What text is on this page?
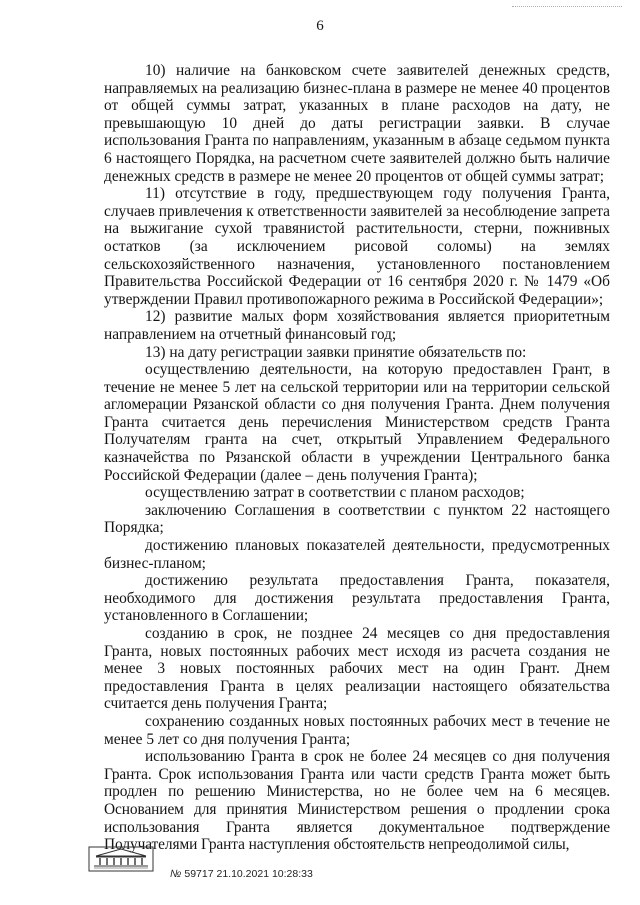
6

10) наличие на банковском счете заявителей денежных средств, направляемых на реализацию бизнес-плана в размере не менее 40 процентов от общей суммы затрат, указанных в плане расходов на дату, не превышающую 10 дней до даты регистрации заявки. В случае использования Гранта по направлениям, указанным в абзаце седьмом пункта 6 настоящего Порядка, на расчетном счете заявителей должно быть наличие денежных средств в размере не менее 20 процентов от общей суммы затрат;

11) отсутствие в году, предшествующем году получения Гранта, случаев привлечения к ответственности заявителей за несоблюдение запрета на выжигание сухой травянистой растительности, стерни, пожнивных остатков (за исключением рисовой соломы) на землях сельскохозяйственного назначения, установленного постановлением Правительства Российской Федерации от 16 сентября 2020 г. № 1479 «Об утверждении Правил противопожарного режима в Российской Федерации»;

12) развитие малых форм хозяйствования является приоритетным направлением на отчетный финансовый год;

13) на дату регистрации заявки принятие обязательств по:

осуществлению деятельности, на которую предоставлен Грант, в течение не менее 5 лет на сельской территории или на территории сельской агломерации Рязанской области со дня получения Гранта. Днем получения Гранта считается день перечисления Министерством средств Гранта Получателям гранта на счет, открытый Управлением Федерального казначейства по Рязанской области в учреждении Центрального банка Российской Федерации (далее – день получения Гранта);

осуществлению затрат в соответствии с планом расходов;

заключению Соглашения в соответствии с пунктом 22 настоящего Порядка;

достижению плановых показателей деятельности, предусмотренных бизнес-планом;

достижению результата предоставления Гранта, показателя, необходимого для достижения результата предоставления Гранта, установленного в Соглашении;

созданию в срок, не позднее 24 месяцев со дня предоставления Гранта, новых постоянных рабочих мест исходя из расчета создания не менее 3 новых постоянных рабочих мест на один Грант. Днем предоставления Гранта в целях реализации настоящего обязательства считается день получения Гранта;

сохранению созданных новых постоянных рабочих мест в течение не менее 5 лет со дня получения Гранта;

использованию Гранта в срок не более 24 месяцев со дня получения Гранта. Срок использования Гранта или части средств Гранта может быть продлен по решению Министерства, но не более чем на 6 месяцев. Основанием для принятия Министерством решения о продлении срока использования Гранта является документальное подтверждение Получателями Гранта наступления обстоятельств непреодолимой силы,

№ 59717 21.10.2021 10:28:33
